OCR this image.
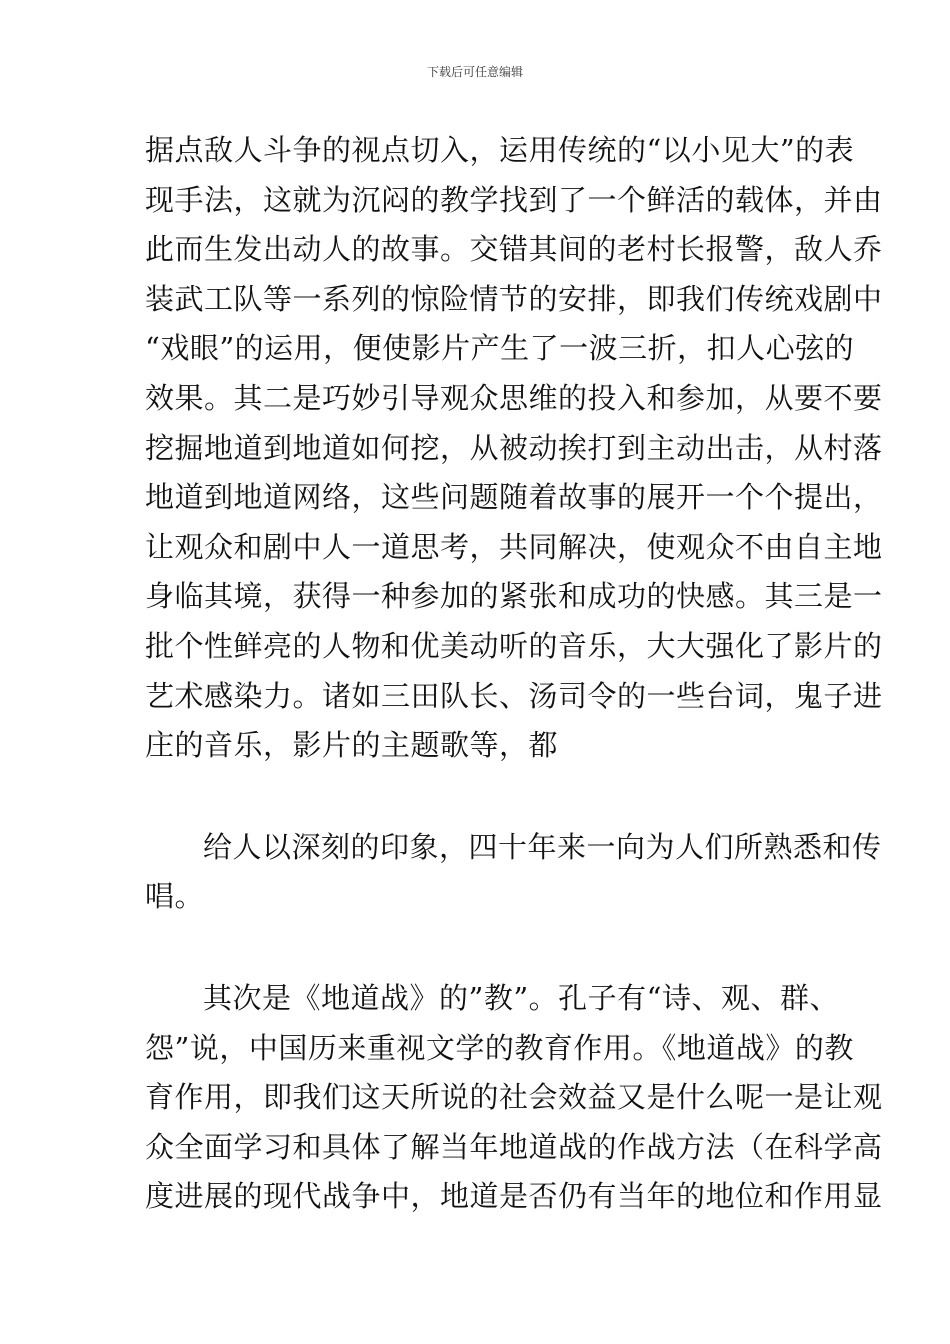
下载后可任意编辑
据点敌人斗争的视点切入，运用传统的“以小见大”的表
现手法，这就为沉闷的教学找到了一个鲜活的载体，并由
此而生发出动人的故事。交错其间的老村长报警，敌人乔
装武工队等一系列的惊险情节的安排，即我们传统戏剧中
“戏眼”的运用，便使影片产生了一波三折，扣人心弦的
效果。其二是巧妙引导观众思维的投入和参加，从要不要
挖掘地道到地道如何挖，从被动挨打到主动出击，从村落
地道到地道网络，这些问题随着故事的展开一个个提出，
让观众和剧中人一道思考，共同解决，使观众不由自主地
身临其境，获得一种参加的紧张和成功的快感。其三是一
批个性鲜亮的人物和优美动听的音乐，大大强化了影片的
艺术感染力。诸如三田队长、汤司令的一些台词，鬼子进
庄的音乐，影片的主题歌等，都
给人以深刻的印象，四十年来一向为人们所熟悉和传
唱。
其次是《地道战》的”教”。孔子有“诗、观、群、
怨”说，中国历来重视文学的教育作用。《地道战》的教
育作用，即我们这天所说的社会效益又是什么呢一是让观
众全面学习和具体了解当年地道战的作战方法（在科学高
度进展的现代战争中，地道是否仍有当年的地位和作用显
